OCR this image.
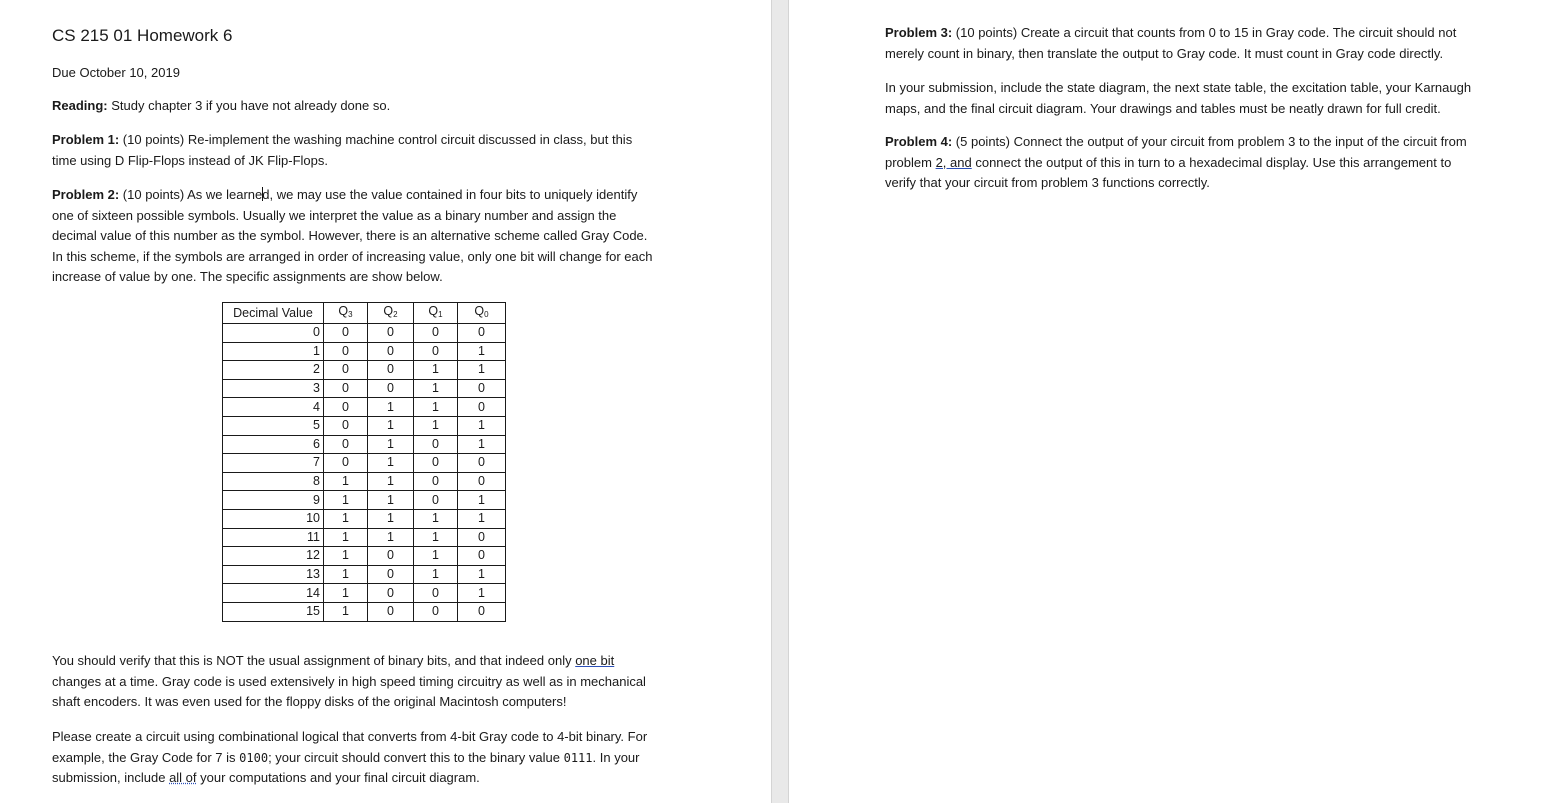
CS 215 01 Homework 6
Due October 10, 2019
Reading: Study chapter 3 if you have not already done so.
Problem 1: (10 points) Re-implement the washing machine control circuit discussed in class, but this
time using D Flip-Flops instead of JK Flip-Flops.
Problem 2: (10 points) As we learned, we may use the value contained in four bits to uniquely identify
one of sixteen possible symbols. Usually we interpret the value as a binary number and assign the
decimal value of this number as the symbol. However, there is an alternative scheme called Gray Code.
In this scheme, if the symbols are arranged in order of increasing value, only one bit will change for each
increase of value by one. The specific assignments are show below.
Decimal Value	$Q_3$	$Q_2$	$Q_1$	$Q_0$
0	0	0	0	0
1	0	0	0	1
2	0	0	1	1
3	0	0	1	0
4	0	1	1	0
5	0	1	1	1
6	0	1	0	1
7	0	1	0	0
8	1	1	0	0
9	1	1	0	1
10	1	1	1	1
11	1	1	1	0
12	1	0	1	0
13	1	0	1	1
14	1	0	0	1
15	1	0	0	0
You should verify that this is NOT the usual assignment of binary bits, and that indeed only one bit
changes at a time. Gray code is used extensively in high speed timing circuitry as well as in mechanical
shaft encoders. It was even used for the floppy disks of the original Macintosh computers!
Please create a circuit using combinational logical that converts from 4-bit Gray code to 4-bit binary. For
example, the Gray Code for 7 is 0100; your circuit should convert this to the binary value 0111. In your
submission, include all of your computations and your final circuit diagram.
Problem 3: (10 points) Create a circuit that counts from 0 to 15 in Gray code. The circuit should not
merely count in binary, then translate the output to Gray code. It must count in Gray code directly.
In your submission, include the state diagram, the next state table, the excitation table, your Karnaugh
maps, and the final circuit diagram. Your drawings and tables must be neatly drawn for full credit.
Problem 4: (5 points) Connect the output of your circuit from problem 3 to the input of the circuit from
problem 2, and connect the output of this in turn to a hexadecimal display. Use this arrangement to
verify that your circuit from problem 3 functions correctly.
